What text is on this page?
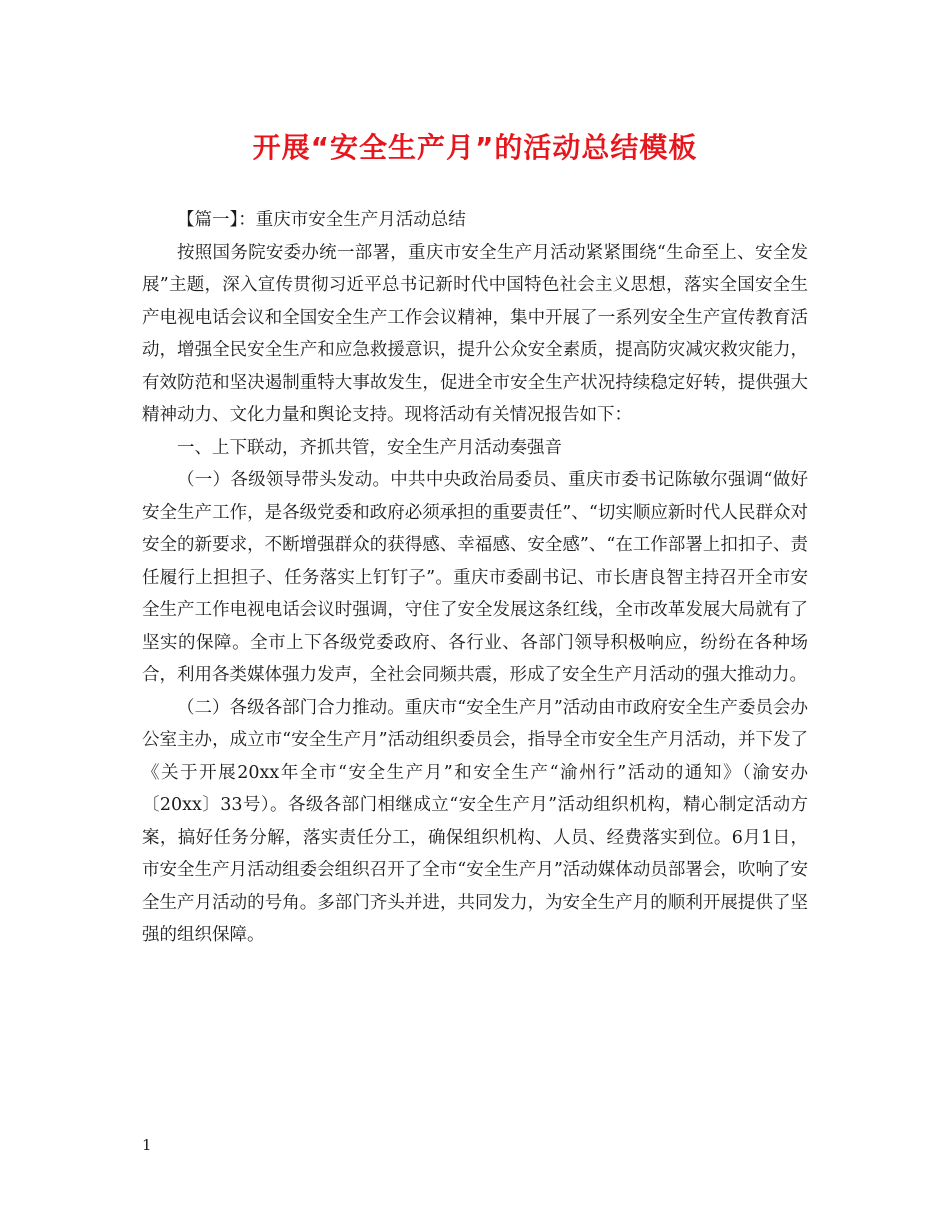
开展“安全生产月”的活动总结模板

【篇一】：重庆市安全生产月活动总结

按照国务院安委办统一部署，重庆市安全生产月活动紧紧围绕“生命至上、安全发展”主题，深入宣传贯彻习近平总书记新时代中国特色社会主义思想，落实全国安全生产电视电话会议和全国安全生产工作会议精神，集中开展了一系列安全生产宣传教育活动，增强全民安全生产和应急救援意识，提升公众安全素质，提高防灾减灾救灾能力，有效防范和坚决遏制重特大事故发生，促进全市安全生产状况持续稳定好转，提供强大精神动力、文化力量和舆论支持。现将活动有关情况报告如下：

一、上下联动，齐抓共管，安全生产月活动奏强音

（一）各级领导带头发动。中共中央政治局委员、重庆市委书记陈敏尔强调“做好安全生产工作，是各级党委和政府必须承担的重要责任”、“切实顺应新时代人民群众对安全的新要求，不断增强群众的获得感、幸福感、安全感”、“在工作部署上扣扣子、责任履行上担担子、任务落实上钉钉子”。重庆市委副书记、市长唐良智主持召开全市安全生产工作电视电话会议时强调，守住了安全发展这条红线，全市改革发展大局就有了坚实的保障。全市上下各级党委政府、各行业、各部门领导积极响应，纷纷在各种场合，利用各类媒体强力发声，全社会同频共震，形成了安全生产月活动的强大推动力。

（二）各级各部门合力推动。重庆市“安全生产月”活动由市政府安全生产委员会办公室主办，成立市“安全生产月”活动组织委员会，指导全市安全生产月活动，并下发了《关于开展20xx年全市“安全生产月”和安全生产“渝州行”活动的通知》（渝安办〔20xx〕33号）。各级各部门相继成立“安全生产月”活动组织机构，精心制定活动方案，搞好任务分解，落实责任分工，确保组织机构、人员、经费落实到位。6月1日，市安全生产月活动组委会组织召开了全市“安全生产月”活动媒体动员部署会，吹响了安全生产月活动的号角。多部门齐头并进，共同发力，为安全生产月的顺利开展提供了坚强的组织保障。

1
